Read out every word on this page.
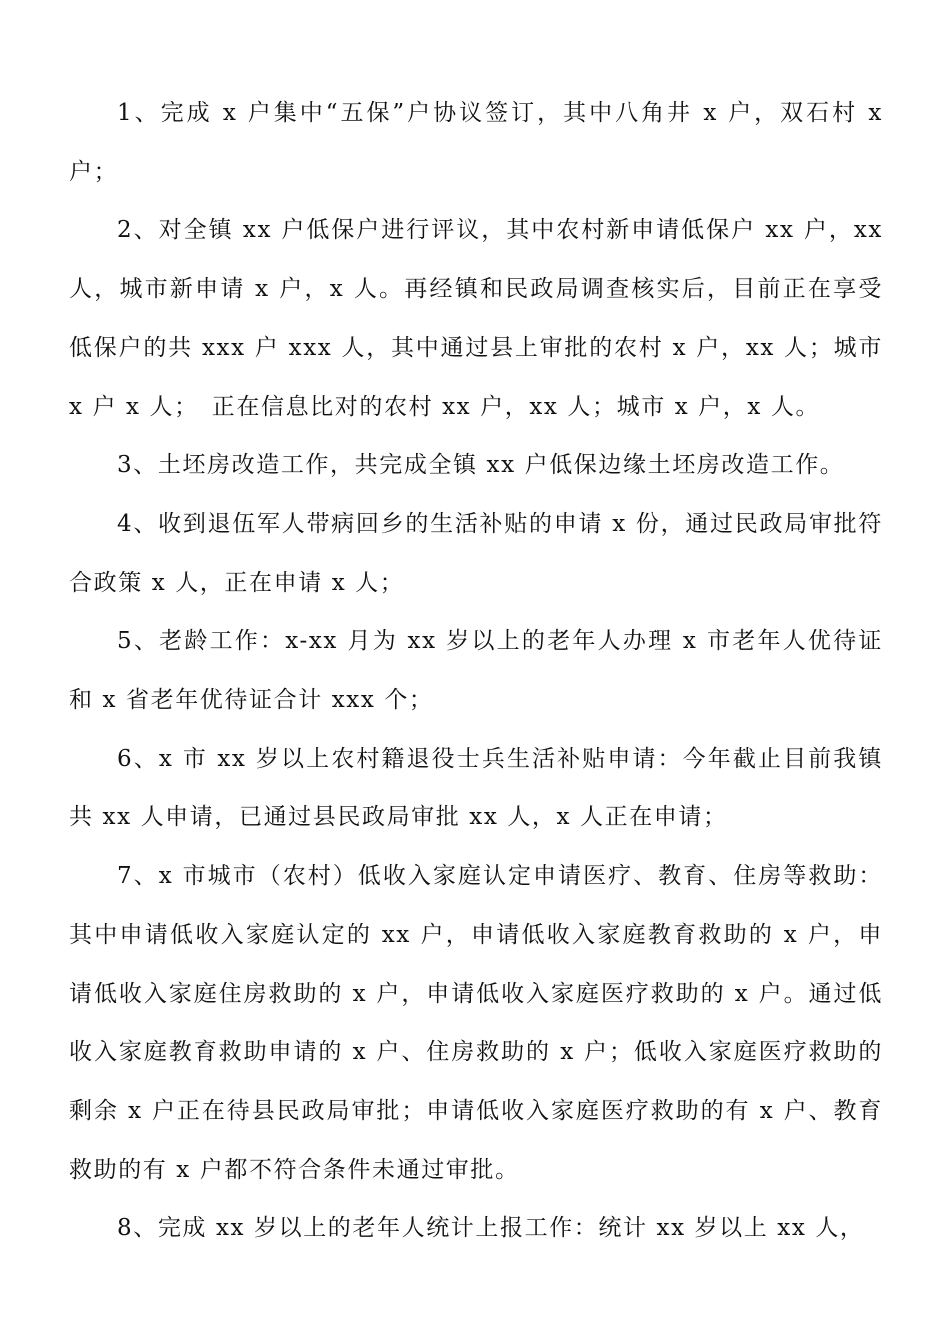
1、完成 x 户集中“五保”户协议签订，其中八角井 x 户，双石村 x 户；

2、对全镇 xx 户低保户进行评议，其中农村新申请低保户 xx 户，xx 人，城市新申请 x 户，x 人。再经镇和民政局调查核实后，目前正在享受低保户的共 xxx 户 xxx 人，其中通过县上审批的农村 x 户，xx 人；城市 x 户 x 人；　正在信息比对的农村 xx 户，xx 人；城市 x 户，x 人。

3、土坯房改造工作，共完成全镇 xx 户低保边缘土坯房改造工作。

4、收到退伍军人带病回乡的生活补贴的申请 x 份，通过民政局审批符合政策 x 人，正在申请 x 人；

5、老龄工作：x-xx 月为 xx 岁以上的老年人办理 x 市老年人优待证和 x 省老年优待证合计 xxx 个；

6、x 市 xx 岁以上农村籍退役士兵生活补贴申请：今年截止目前我镇共 xx 人申请，已通过县民政局审批 xx 人，x 人正在申请；

7、x 市城市（农村）低收入家庭认定申请医疗、教育、住房等救助：其中申请低收入家庭认定的 xx 户，申请低收入家庭教育救助的 x 户，申请低收入家庭住房救助的 x 户，申请低收入家庭医疗救助的 x 户。通过低收入家庭教育救助申请的 x 户、住房救助的 x 户；低收入家庭医疗救助的剩余 x 户正在待县民政局审批；申请低收入家庭医疗救助的有 x 户、教育救助的有 x 户都不符合条件未通过审批。

8、完成 xx 岁以上的老年人统计上报工作：统计 xx 岁以上 xx 人，
